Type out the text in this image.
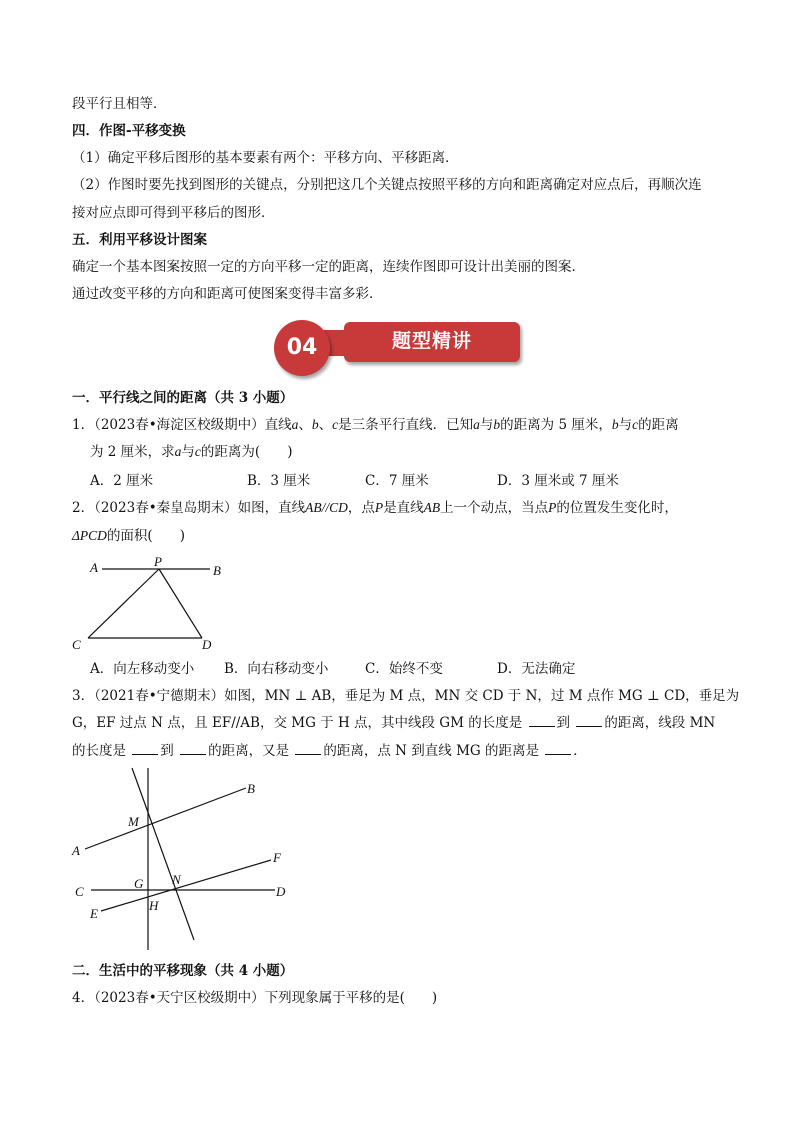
段平行且相等．
四．作图-平移变换
（1）确定平移后图形的基本要素有两个：平移方向、平移距离．
（2）作图时要先找到图形的关键点，分别把这几个关键点按照平移的方向和距离确定对应点后，再顺次连
接对应点即可得到平移后的图形．
五．利用平移设计图案
确定一个基本图案按照一定的方向平移一定的距离，连续作图即可设计出美丽的图案．
通过改变平移的方向和距离可使图案变得丰富多彩．
04	题型精讲
一．平行线之间的距离（共 3 小题）
1．（2023春•海淀区校级期中）直线a、b、c是三条平行直线．已知a与b的距离为 5 厘米，b与c的距离
为 2 厘米，求a与c的距离为(　　)
A．2 厘米	B．3 厘米	C．7 厘米	D．3 厘米或 7 厘米
2．（2023春•秦皇岛期末）如图，直线AB//CD，点P是直线AB上一个动点，当点P的位置发生变化时，
ΔPCD的面积(　　)
A	P
B
C	D
A．向左移动变小 B．向右移动变小	C．始终不变	D．无法确定
3．（2021春•宁德期末）如图，MN ⊥ AB，垂足为 M 点，MN 交 CD 于 N，过 M 点作 MG ⊥ CD，垂足为
G，EF 过点 N 点，且 EF//AB，交 MG 于 H 点，其中线段 GM 的长度是	到	的距离，线段 MN
的长度是	到	的距离，又是	的距离，点 N 到直线 MG 的距离是	．
B
M
A	F
G N
C	D
H
E
二．生活中的平移现象（共 4 小题）
4．（2023春•天宁区校级期中）下列现象属于平移的是(　　)
